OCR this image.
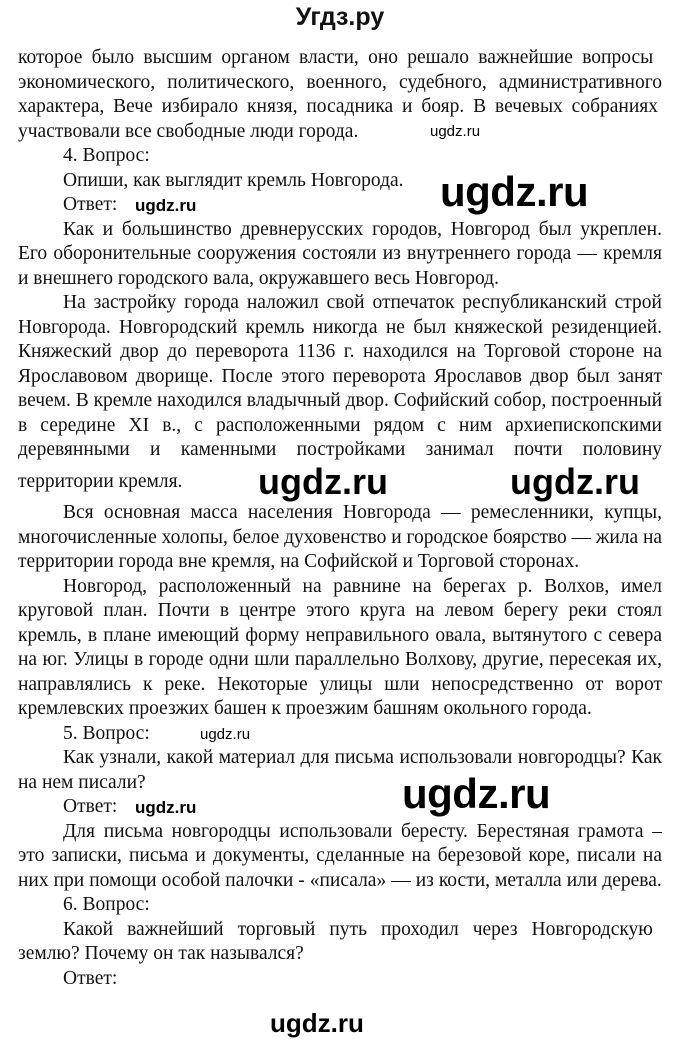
Угдз.ру
которое было высшим органом власти, оно решало важнейшие вопросы
экономического, политического, военного, судебного, административного
характера, Вече избирало князя, посадника и бояр. В вечевых собраниях
участвовали все свободные люди города.
4. Вопрос:
Опиши, как выглядит кремль Новгорода.
Ответ:
Как и большинство древнерусских городов, Новгород был укреплен.
Его оборонительные сооружения состояли из внутреннего города — кремля
и внешнего городского вала, окружавшего весь Новгород.
На застройку города наложил свой отпечаток республиканский строй
Новгорода. Новгородский кремль никогда не был княжеской резиденцией.
Княжеский двор до переворота 1136 г. находился на Торговой стороне на
Ярославовом дворище. После этого переворота Ярославов двор был занят
вечем. В кремле находился владычный двор. Софийский собор, построенный
в середине XI в., с расположенными рядом с ним архиепископскими
деревянными и каменными постройками занимал почти половину
территории кремля.
Вся основная масса населения Новгорода — ремесленники, купцы,
многочисленные холопы, белое духовенство и городское боярство — жила на
территории города вне кремля, на Софийской и Торговой сторонах.
Новгород, расположенный на равнине на берегах р. Волхов, имел
круговой план. Почти в центре этого круга на левом берегу реки стоял
кремль, в плане имеющий форму неправильного овала, вытянутого с севера
на юг. Улицы в городе одни шли параллельно Волхову, другие, пересекая их,
направлялись к реке. Некоторые улицы шли непосредственно от ворот
кремлевских проезжих башен к проезжим башням окольного города.
5. Вопрос:
Как узнали, какой материал для письма использовали новгородцы? Как
на нем писали?
Ответ:
Для письма новгородцы использовали бересту. Берестяная грамота –
это записки, письма и документы, сделанные на березовой коре, писали на
них при помощи особой палочки - «писала» — из кости, металла или дерева.
6. Вопрос:
Какой важнейший торговый путь проходил через Новгородскую
землю? Почему он так назывался?
Ответ:
ugdz.ru
ugdz.ru
ugdz.ru
ugdz.ru	ugdz.ru
ugdz.ru
ugdz.ru
ugdz.ru
ugdz.ru
